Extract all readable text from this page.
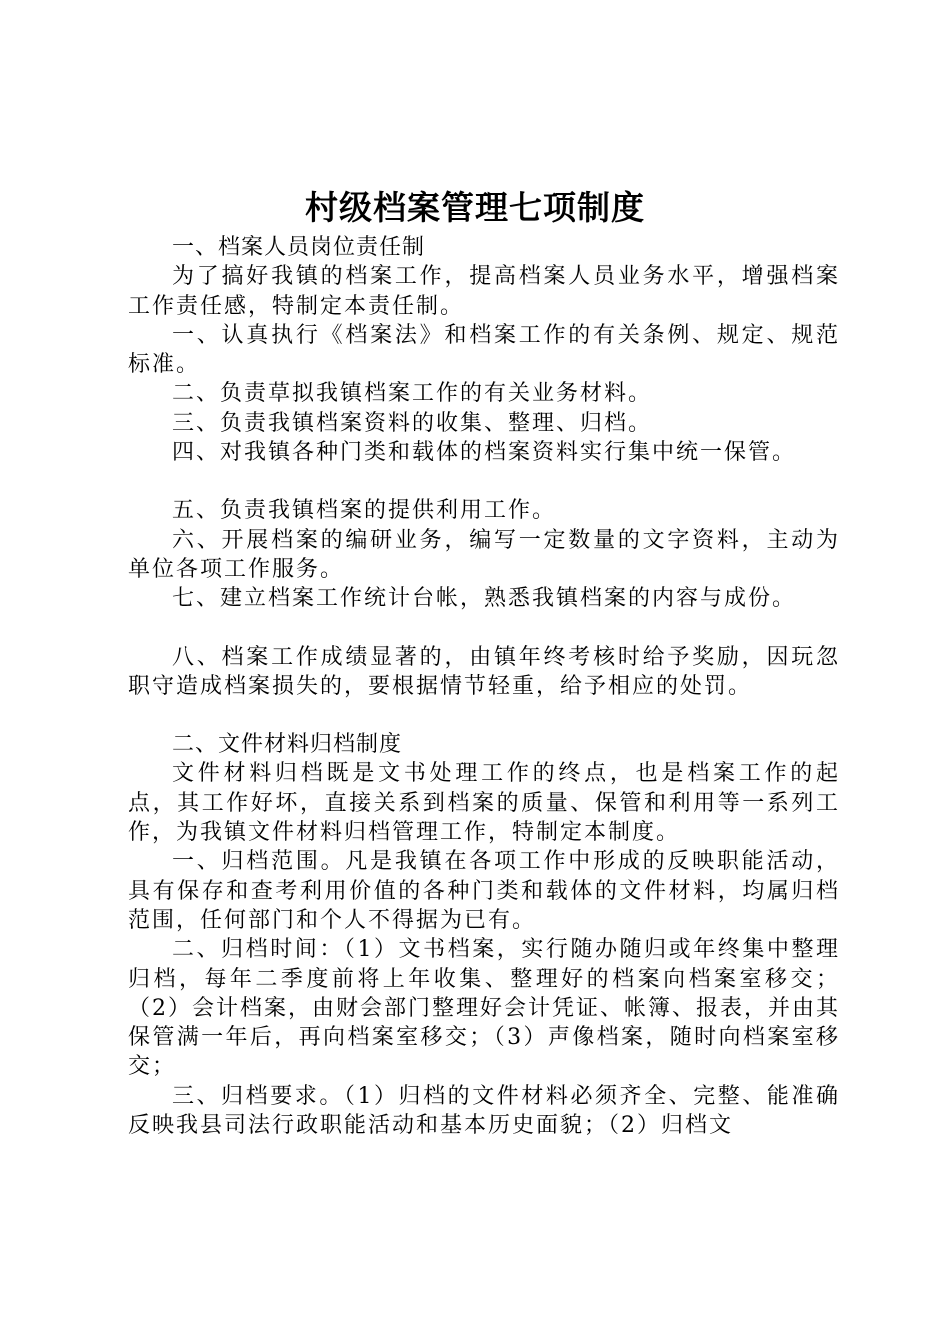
村级档案管理七项制度

一、档案人员岗位责任制

为了搞好我镇的档案工作，提高档案人员业务水平，增强档案工作责任感，特制定本责任制。

一、认真执行《档案法》和档案工作的有关条例、规定、规范标准。

二、负责草拟我镇档案工作的有关业务材料。

三、负责我镇档案资料的收集、整理、归档。

四、对我镇各种门类和载体的档案资料实行集中统一保管。

五、负责我镇档案的提供利用工作。

六、开展档案的编研业务，编写一定数量的文字资料，主动为单位各项工作服务。

七、建立档案工作统计台帐，熟悉我镇档案的内容与成份。

八、档案工作成绩显著的，由镇年终考核时给予奖励，因玩忽职守造成档案损失的，要根据情节轻重，给予相应的处罚。

二、文件材料归档制度

文件材料归档既是文书处理工作的终点，也是档案工作的起点，其工作好坏，直接关系到档案的质量、保管和利用等一系列工作，为我镇文件材料归档管理工作，特制定本制度。

一、归档范围。凡是我镇在各项工作中形成的反映职能活动，具有保存和查考利用价值的各种门类和载体的文件材料，均属归档范围，任何部门和个人不得据为已有。

二、归档时间：（1）文书档案，实行随办随归或年终集中整理归档，每年二季度前将上年收集、整理好的档案向档案室移交；（2）会计档案，由财会部门整理好会计凭证、帐簿、报表，并由其保管满一年后，再向档案室移交；（3）声像档案，随时向档案室移交；

三、归档要求。（1）归档的文件材料必须齐全、完整、能准确反映我县司法行政职能活动和基本历史面貌；（2）归档文
